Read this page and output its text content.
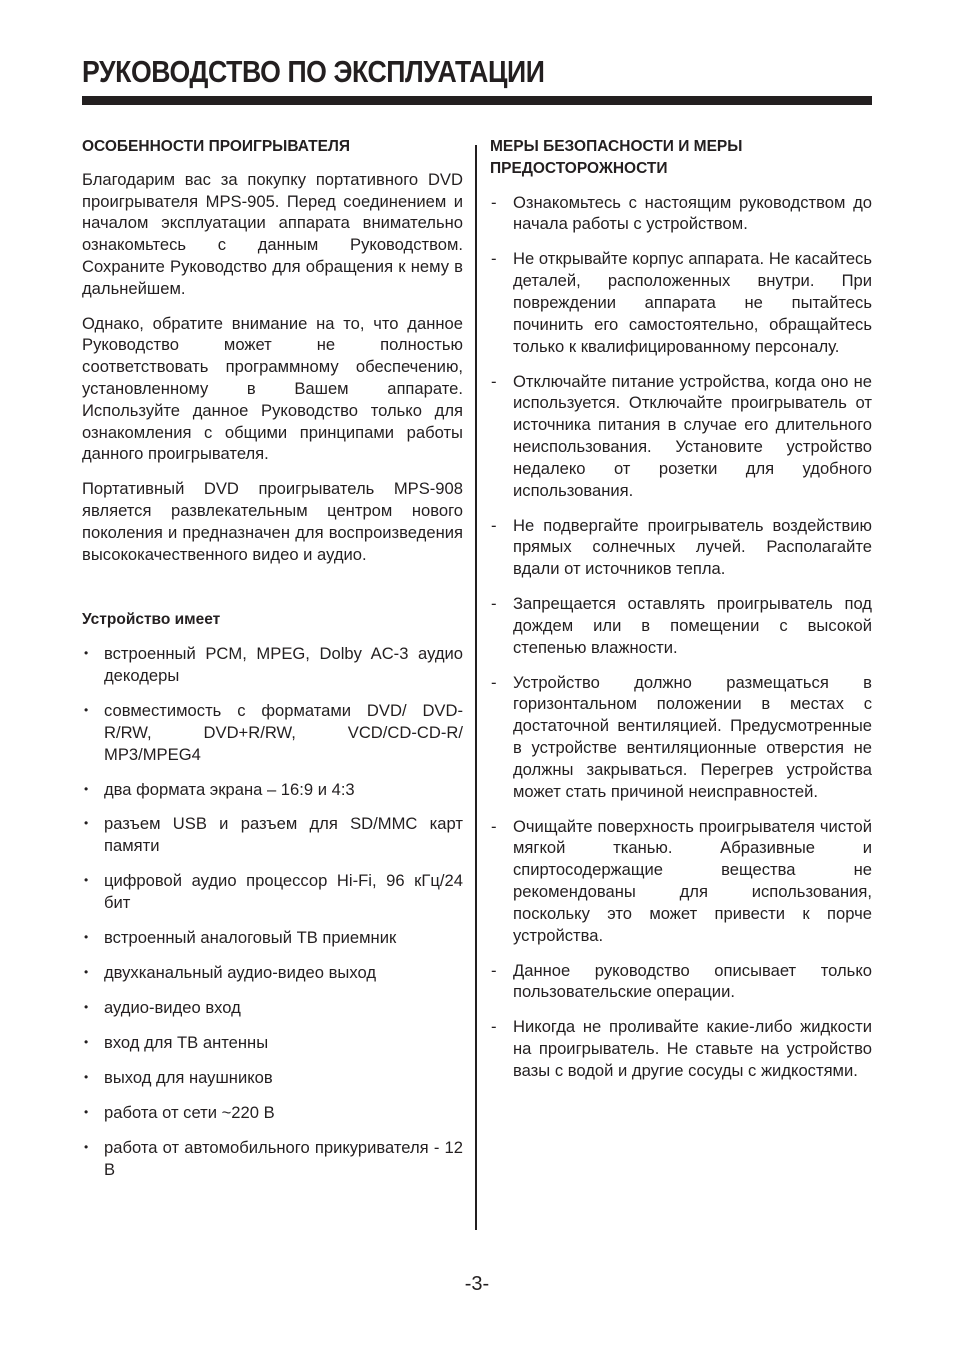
РУКОВОДСТВО ПО ЭКСПЛУАТАЦИИ
ОСОБЕННОСТИ ПРОИГРЫВАТЕЛЯ

Благодарим вас за покупку портативного DVD проигрывателя MPS-905. Перед соединением и началом эксплуатации аппарата внимательно ознакомьтесь с данным Руководством. Сохраните Руководство для обращения к нему в дальнейшем.

Однако, обратите внимание на то, что данное Руководство может не полностью соответствовать программному обеспечению, установленному в Вашем аппарате. Используйте данное Руководство только для ознакомления с общими принципами работы данного проигрывателя.

Портативный DVD проигрыватель MPS-908 является развлекательным центром нового поколения и предназначен для воспроизведения высококачественного видео и аудио.

Устройство имеет
• встроенный PCM, MPEG, Dolby AC-3 аудио декодеры
• совместимость с форматами DVD/ DVD-R/RW, DVD+R/RW, VCD/CD-CD-R/ MP3/MPEG4
• два формата экрана – 16:9 и 4:3
• разъем USB и разъем для SD/MMC карт памяти
• цифровой аудио процессор Hi-Fi, 96 кГц/24 бит
• встроенный аналоговый ТВ приемник
• двухканальный аудио-видео выход
• аудио-видео вход
• вход для ТВ антенны
• выход для наушников
• работа от сети ~220 В
• работа от автомобильного прикуривателя - 12 В
МЕРЫ БЕЗОПАСНОСТИ И МЕРЫ ПРЕДОСТОРОЖНОСТИ
- Ознакомьтесь с настоящим руководством до начала работы с устройством.
- Не открывайте корпус аппарата. Не касайтесь деталей, расположенных внутри. При повреждении аппарата не пытайтесь починить его самостоятельно, обращайтесь только к квалифицированному персоналу.
- Отключайте питание устройства, когда оно не используется. Отключайте проигрыватель от источника питания в случае его длительного неиспользования. Установите устройство недалеко от розетки для удобного использования.
- Не подвергайте проигрыватель воздействию прямых солнечных лучей. Располагайте вдали от источников тепла.
- Запрещается оставлять проигрыватель под дождем или в помещении с высокой степенью влажности.
- Устройство должно размещаться в горизонтальном положении в местах с достаточной вентиляцией. Предусмотренные в устройстве вентиляционные отверстия не должны закрываться. Перегрев устройства может стать причиной неисправностей.
- Очищайте поверхность проигрывателя чистой мягкой тканью. Абразивные и спиртосодержащие вещества не рекомендованы для использования, поскольку это может привести к порче устройства.
- Данное руководство описывает только пользовательские операции.
- Никогда не проливайте какие-либо жидкости на проигрыватель. Не ставьте на устройство вазы с водой и другие сосуды с жидкостями.
-3-
